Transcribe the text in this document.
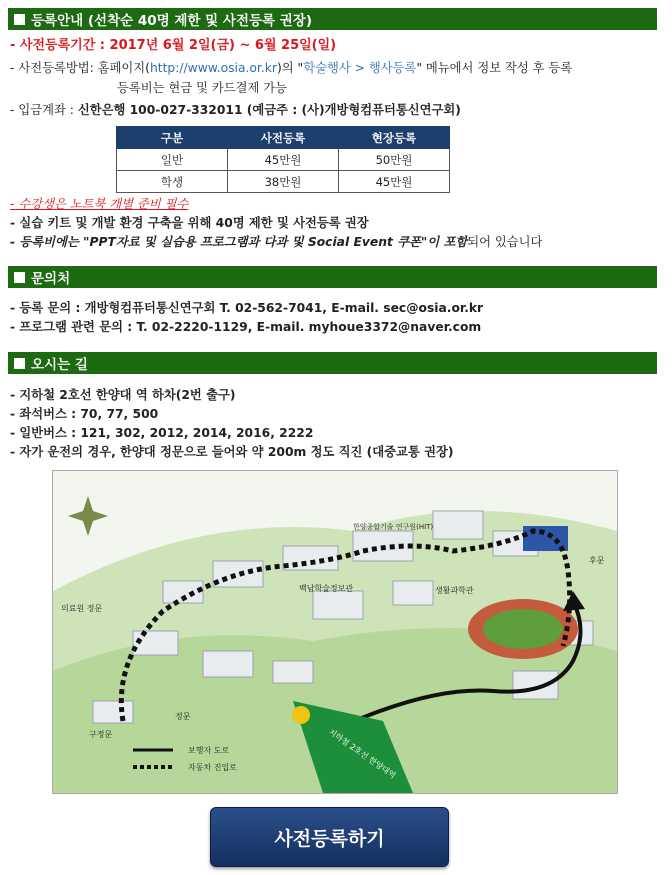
등록안내 (선착순 40명 제한 및 사전등록 권장)
- 사전등록기간 : 2017년 6월 2일(금) ~ 6월 25일(일)
- 사전등록방법: 홈페이지(http://www.osia.or.kr)의 "학술행사 > 행사등록" 메뉴에서 정보 작성 후 등록
등록비는 현금 및 카드결제 가능
- 입금계좌 : 신한은행 100-027-332011 (예금주 : (사)개방형컴퓨터통신연구회)
구분	사전등록	현장등록
일반	45만원	50만원
학생	38만원	45만원
- 수강생은 노트북 개별 준비 필수
- 실습 키트 및 개발 환경 구축을 위해 40명 제한 및 사전등록 권장
- 등록비에는 "PPT자료 및 실습용 프로그램과 다과 및 Social Event 쿠폰"이 포함되어 있습니다
문의처
- 등록 문의 : 개방형컴퓨터통신연구회 T. 02-562-7041, E-mail. sec@osia.or.kr
- 프로그램 관련 문의 : T. 02-2220-1129, E-mail. myhoue3372@naver.com
오시는 길
- 지하철 2호선 한양대 역 하차(2번 출구)
- 좌석버스 : 70, 77, 500
- 일반버스 : 121, 302, 2012, 2014, 2016, 2222
- 자가 운전의 경우, 한양대 정문으로 들어와 약 200m 정도 직진 (대중교통 권장)
의료원 정문
정문
구정문
후문
한양종합기술 연구원(HIT)
백남학술정보관	생활과학관
지하철 2호선 한양대역
보행자 도로
자동차 진입로
사전등록하기
